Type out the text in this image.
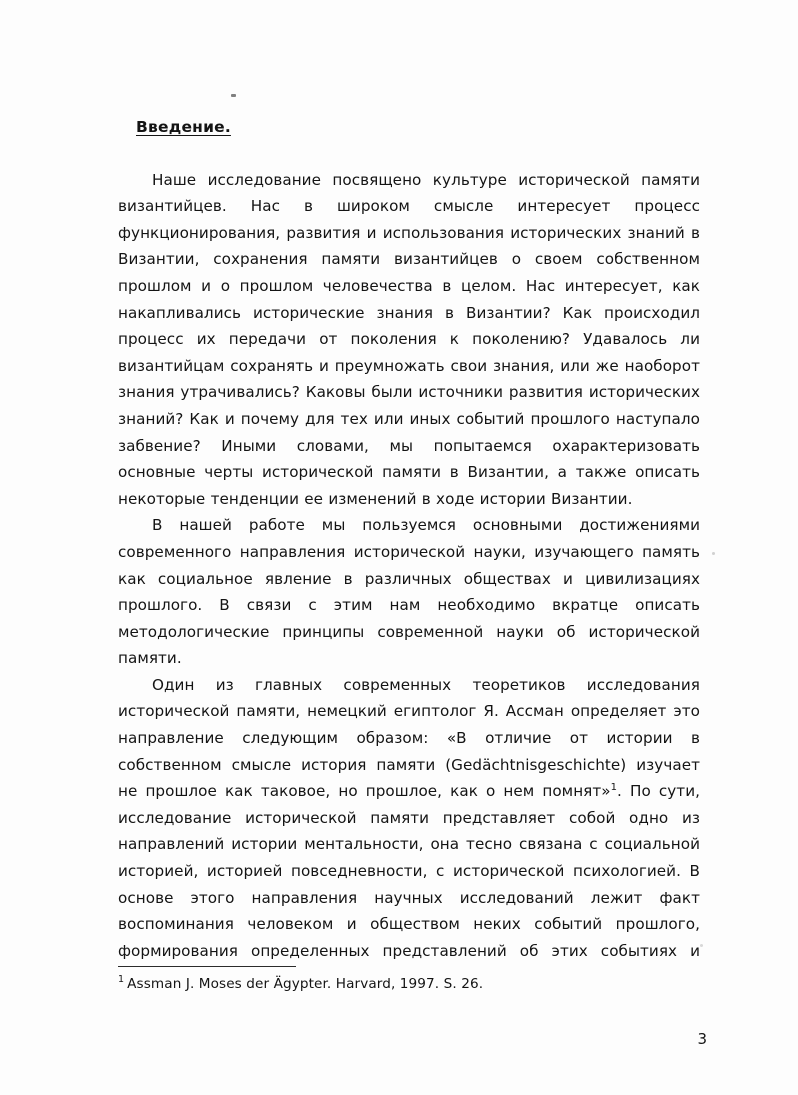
Введение.

Наше исследование посвящено культуре исторической памяти византийцев. Нас в широком смысле интересует процесс функционирования, развития и использования исторических знаний в Византии, сохранения памяти византийцев о своем собственном прошлом и о прошлом человечества в целом. Нас интересует, как накапливались исторические знания в Византии? Как происходил процесс их передачи от поколения к поколению? Удавалось ли византийцам сохранять и преумножать свои знания, или же наоборот знания утрачивались? Каковы были источники развития исторических знаний? Как и почему для тех или иных событий прошлого наступало забвение? Иными словами, мы попытаемся охарактеризовать основные черты исторической памяти в Византии, а также описать некоторые тенденции ее изменений в ходе истории Византии.

В нашей работе мы пользуемся основными достижениями современного направления исторической науки, изучающего память как социальное явление в различных обществах и цивилизациях прошлого. В связи с этим нам необходимо вкратце описать методологические принципы современной науки об исторической памяти.

Один из главных современных теоретиков исследования исторической памяти, немецкий египтолог Я. Ассман определяет это направление следующим образом: «В отличие от истории в собственном смысле история памяти (Gedächtnisgeschichte) изучает не прошлое как таковое, но прошлое, как о нем помнят»$^1$. По сути, исследование исторической памяти представляет собой одно из направлений истории ментальности, она тесно связана с социальной историей, историей повседневности, с исторической психологией. В основе этого направления научных исследований лежит факт воспоминания человеком и обществом неких событий прошлого, формирования определенных представлений об этих событиях и

$^1$ Assman J. Moses der Ägypter. Harvard, 1997. S. 26.

3
